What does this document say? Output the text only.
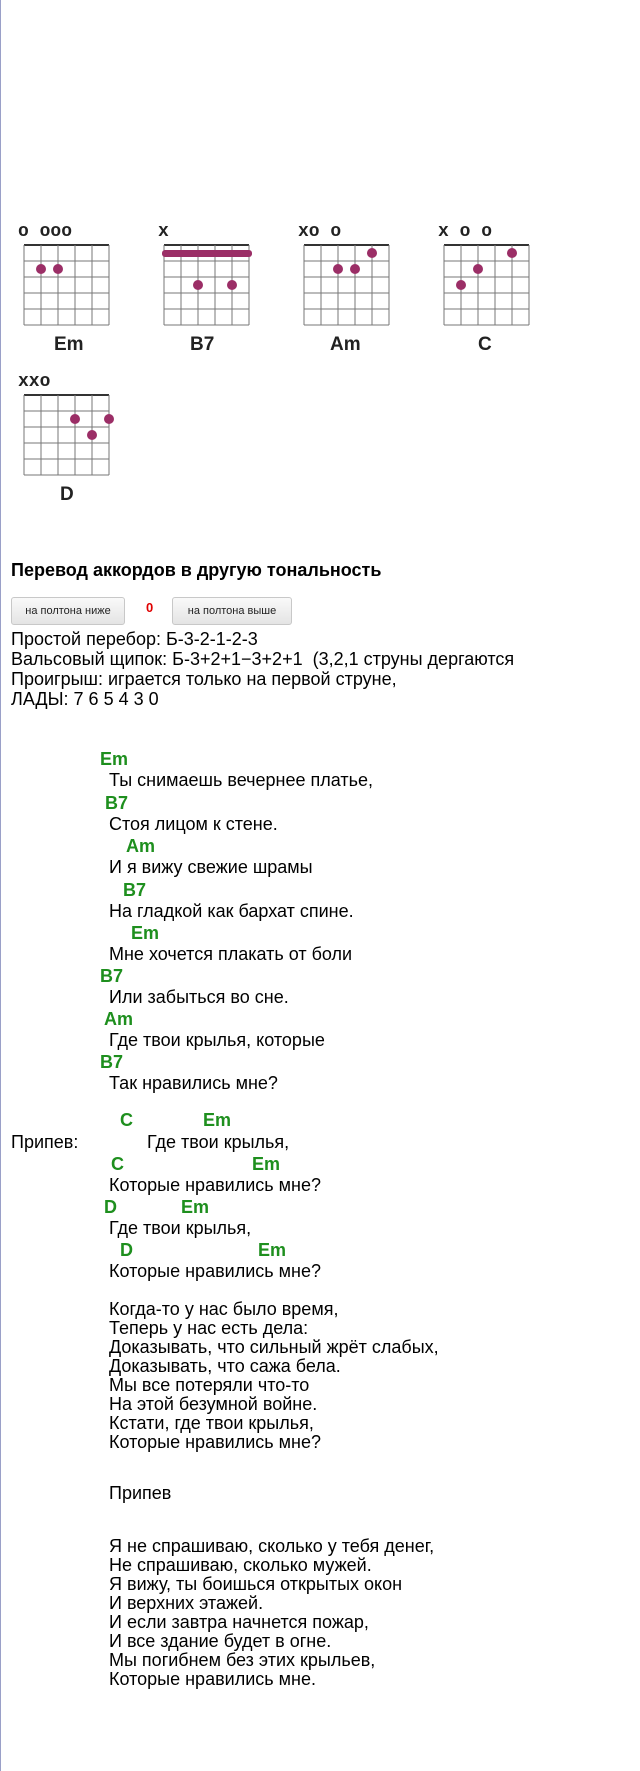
o ooo
Em
x
B7
xo o
Am
x o o
C
xxo
D
Перевод аккордов в другую тональность
на полтона ниже	0	на полтона выше
Простой перебор: Б-3-2-1-2-3
Вальсовый щипок: Б-3+2+1−3+2+1  (3,2,1 струны дергаются
Проигрыш: играется только на первой струне,
ЛАДЫ: 7 6 5 4 3 0
Em
Ты снимаешь вечернее платье,
B7
Стоя лицом к стене.
Am
И я вижу свежие шрамы
B7
На гладкой как бархат спине.
Em
Мне хочется плакать от боли
B7
Или забыться во сне.
Am
Где твои крылья, которые
B7
Так нравились мне?
C	Em
Припев:	Где твои крылья,
C	Em
Которые нравились мне?
D	Em
Где твои крылья,
D	Em
Которые нравились мне?
Когда-то у нас было время,
Теперь у нас есть дела:
Доказывать, что сильный жрёт слабых,
Доказывать, что сажа бела.
Мы все потеряли что-то
На этой безумной войне.
Кстати, где твои крылья,
Которые нравились мне?
Припев
Я не спрашиваю, сколько у тебя денег,
Не спрашиваю, сколько мужей.
Я вижу, ты боишься открытых окон
И верхних этажей.
И если завтра начнется пожар,
И все здание будет в огне.
Мы погибнем без этих крыльев,
Которые нравились мне.
